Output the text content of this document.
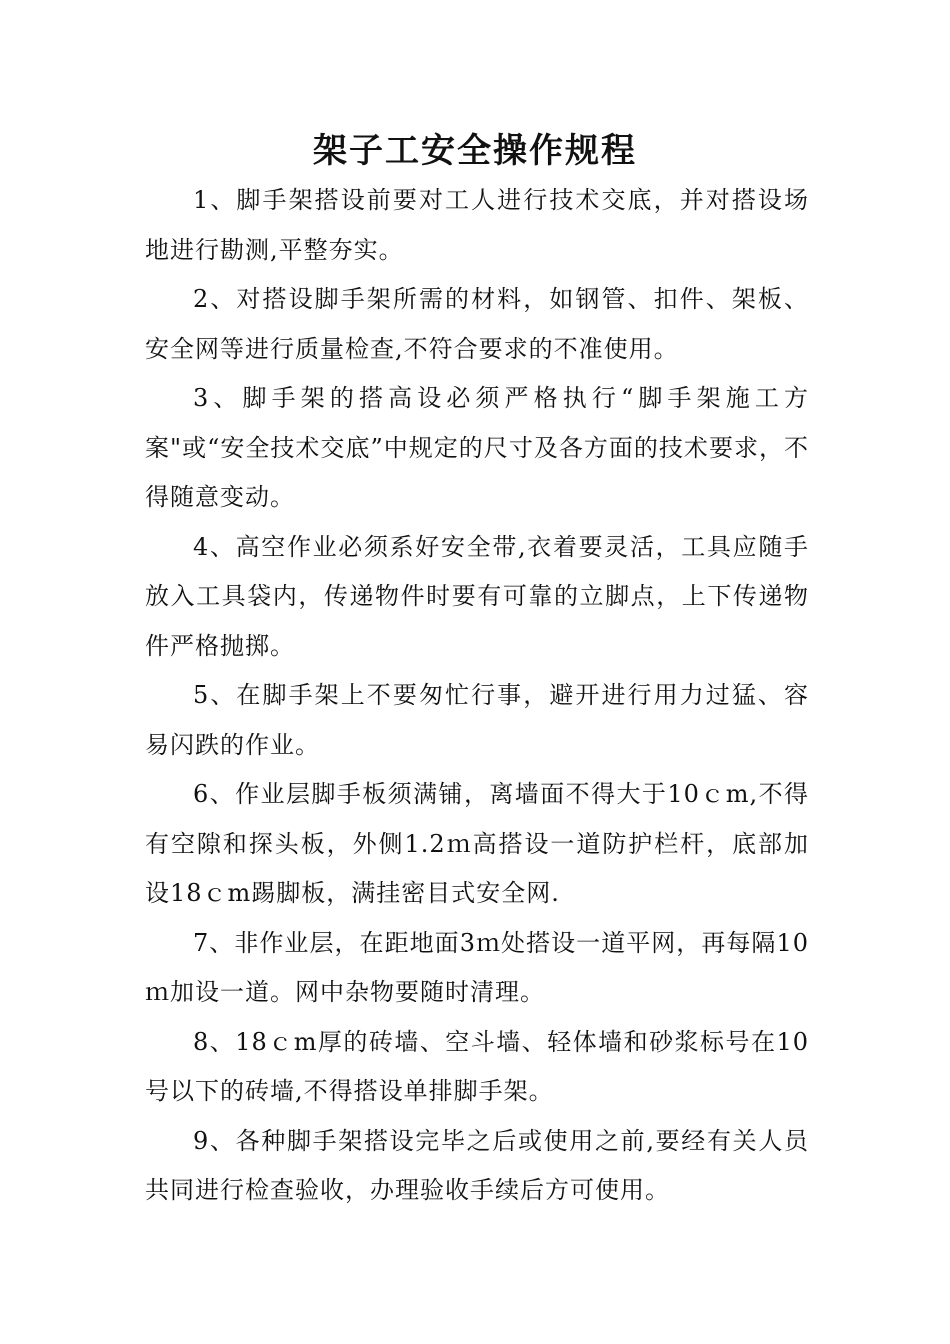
架子工安全操作规程

1、脚手架搭设前要对工人进行技术交底，并对搭设场地进行勘测,平整夯实。

2、对搭设脚手架所需的材料，如钢管、扣件、架板、安全网等进行质量检查,不符合要求的不准使用。

3、脚手架的搭高设必须严格执行“脚手架施工方案"或“安全技术交底”中规定的尺寸及各方面的技术要求，不得随意变动。

4、高空作业必须系好安全带,衣着要灵活，工具应随手放入工具袋内，传递物件时要有可靠的立脚点，上下传递物件严格抛掷。

5、在脚手架上不要匆忙行事，避开进行用力过猛、容易闪跌的作业。

6、作业层脚手板须满铺，离墙面不得大于10ｃm,不得有空隙和探头板，外侧1.2ｍ高搭设一道防护栏杆，底部加设18ｃm踢脚板，满挂密目式安全网.

7、非作业层，在距地面3ｍ处搭设一道平网，再每隔10ｍ加设一道。网中杂物要随时清理。

8、18ｃm厚的砖墙、空斗墙、轻体墙和砂浆标号在10号以下的砖墙,不得搭设单排脚手架。

9、各种脚手架搭设完毕之后或使用之前,要经有关人员共同进行检查验收，办理验收手续后方可使用。
